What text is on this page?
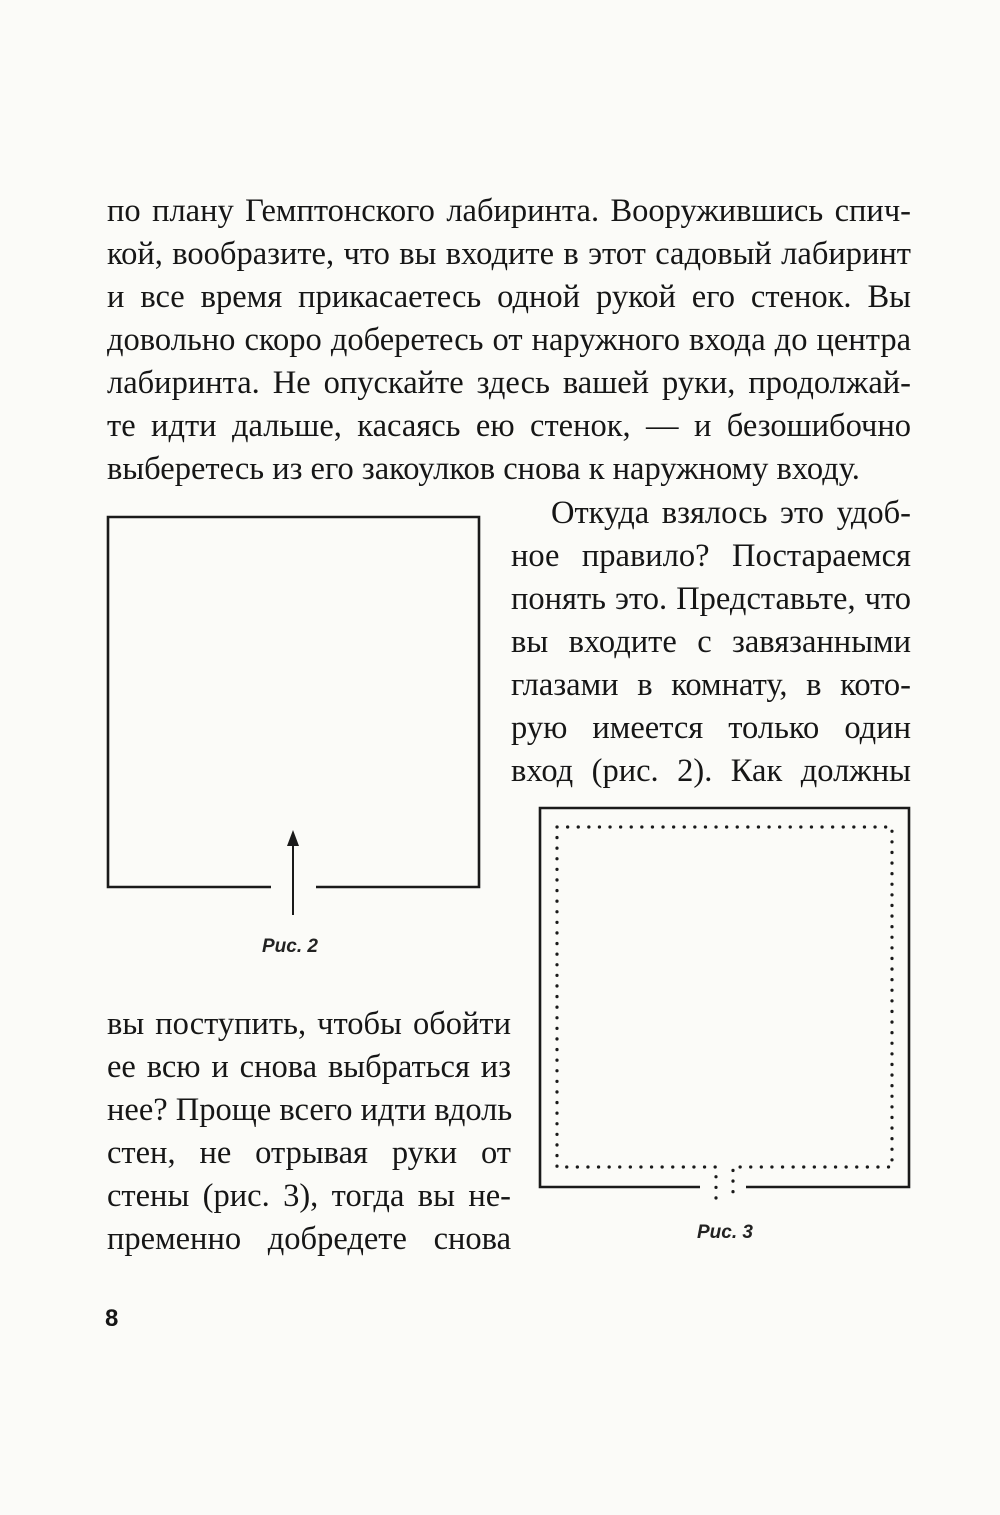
по плану Гемптонского лабиринта. Вооружившись спич-
кой, вообразите, что вы входите в этот садовый лабиринт
и все время прикасаетесь одной рукой его стенок. Вы
довольно скоро доберетесь от наружного входа до центра
лабиринта. Не опускайте здесь вашей руки, продолжай-
те идти дальше, касаясь ею стенок, — и безошибочно
выберетесь из его закоулков снова к наружному входу.
Откуда взялось это удоб-
ное правило? Постараемся
понять это. Представьте, что
вы входите с завязанными
глазами в комнату, в кото-
рую имеется только один
вход (рис. 2). Как должны
Рис. 2
Рис. 3
вы поступить, чтобы обойти
ее всю и снова выбраться из
нее? Проще всего идти вдоль
стен, не отрывая руки от
стены (рис. 3), тогда вы не-
пременно добредете снова
8
